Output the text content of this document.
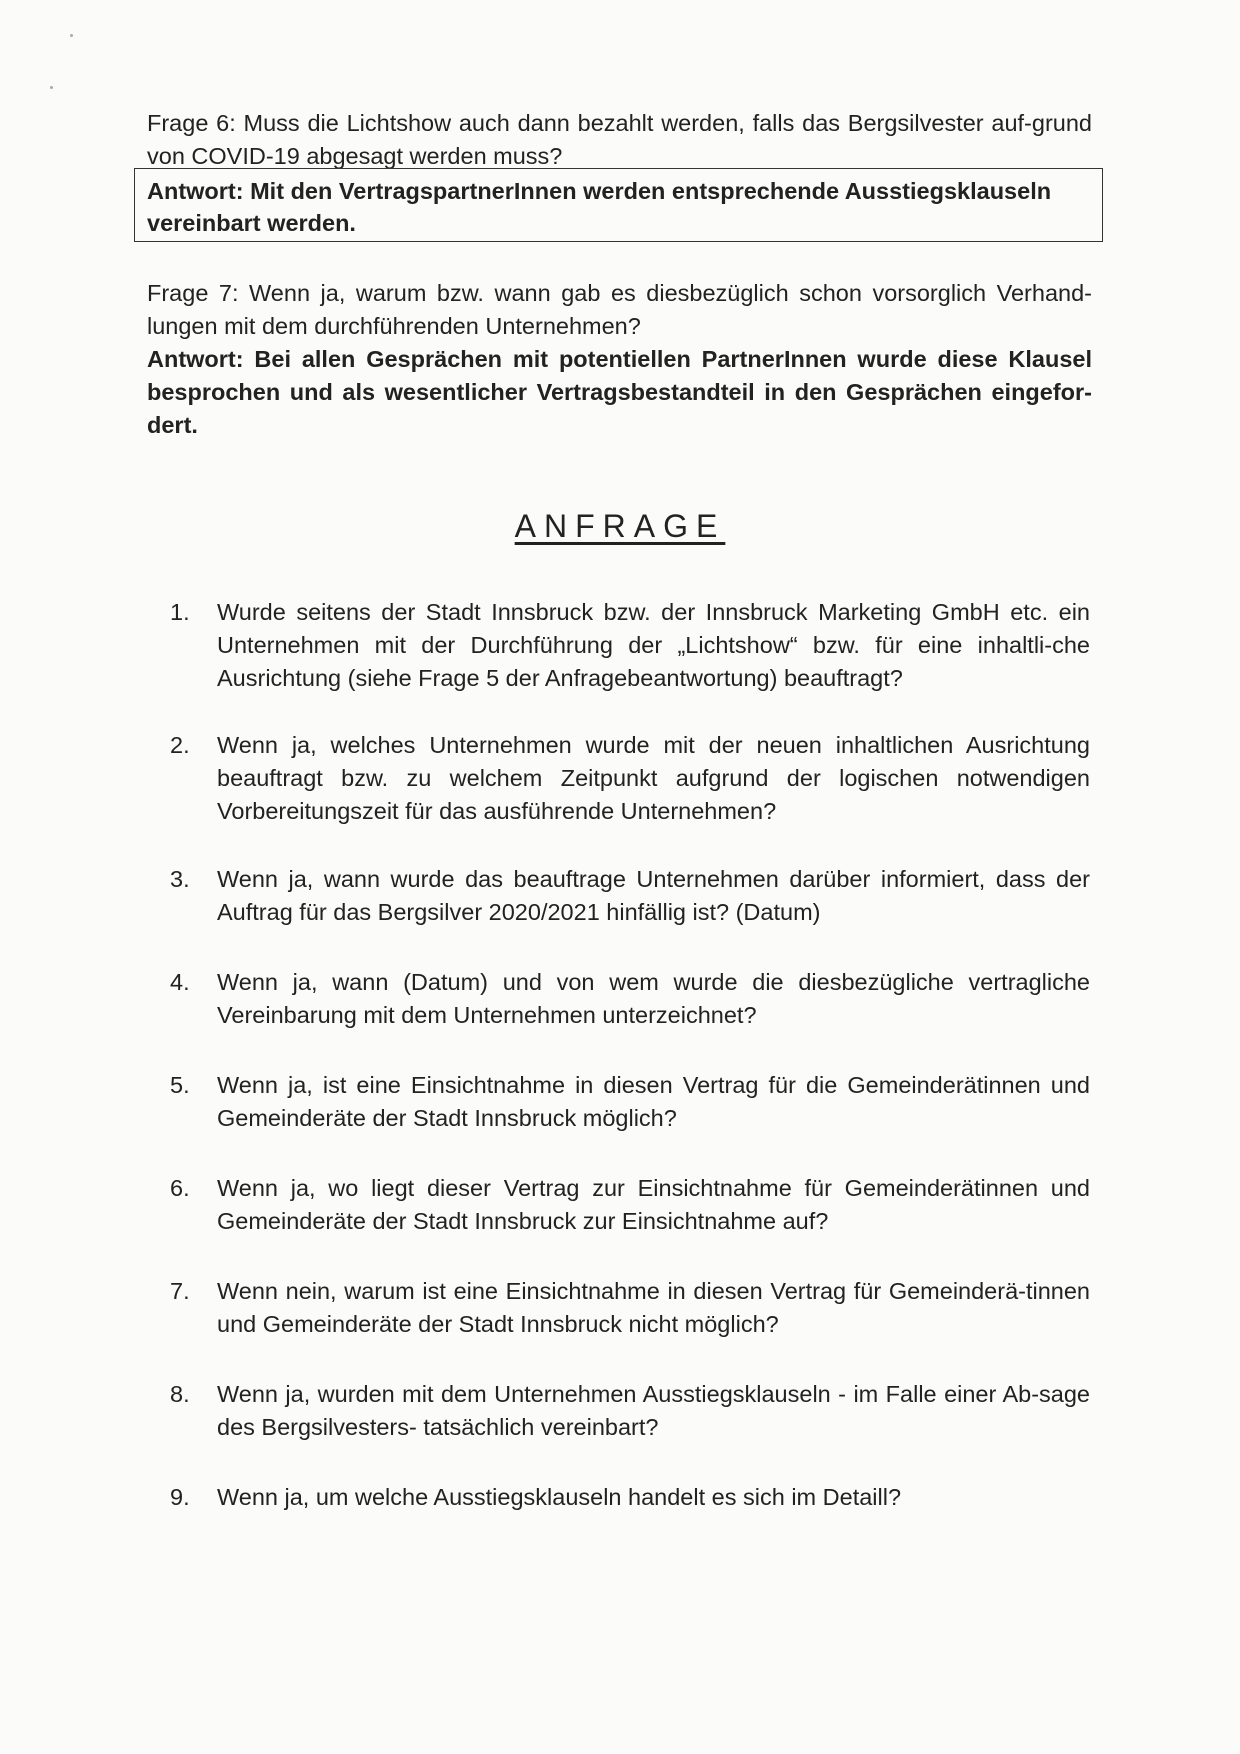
Frage 6: Muss die Lichtshow auch dann bezahlt werden, falls das Bergsilvester auf-grund von COVID-19 abgesagt werden muss?

Antwort: Mit den VertragspartnerInnen werden entsprechende Ausstiegsklauseln vereinbart werden.

Frage 7: Wenn ja, warum bzw. wann gab es diesbezüglich schon vorsorglich Verhand-lungen mit dem durchführenden Unternehmen?

Antwort: Bei allen Gesprächen mit potentiellen PartnerInnen wurde diese Klausel besprochen und als wesentlicher Vertragsbestandteil in den Gesprächen eingefor-dert.

ANFRAGE
1.	Wurde seitens der Stadt Innsbruck bzw. der Innsbruck Marketing GmbH etc. ein Unternehmen mit der Durchführung der „Lichtshow“ bzw. für eine inhaltli-che Ausrichtung (siehe Frage 5 der Anfragebeantwortung) beauftragt?
2.	Wenn ja, welches Unternehmen wurde mit der neuen inhaltlichen Ausrichtung beauftragt bzw. zu welchem Zeitpunkt aufgrund der logischen notwendigen Vorbereitungszeit für das ausführende Unternehmen?
3.	Wenn ja, wann wurde das beauftrage Unternehmen darüber informiert, dass der Auftrag für das Bergsilver 2020/2021 hinfällig ist? (Datum)
4.	Wenn ja, wann (Datum) und von wem wurde die diesbezügliche vertragliche Vereinbarung mit dem Unternehmen unterzeichnet?
5.	Wenn ja, ist eine Einsichtnahme in diesen Vertrag für die Gemeinderätinnen und Gemeinderäte der Stadt Innsbruck möglich?
6.	Wenn ja, wo liegt dieser Vertrag zur Einsichtnahme für Gemeinderätinnen und Gemeinderäte der Stadt Innsbruck zur Einsichtnahme auf?
7.	Wenn nein, warum ist eine Einsichtnahme in diesen Vertrag für Gemeinderä-tinnen und Gemeinderäte der Stadt Innsbruck nicht möglich?
8.	Wenn ja, wurden mit dem Unternehmen Ausstiegsklauseln - im Falle einer Ab-sage des Bergsilvesters- tatsächlich vereinbart?
9.	Wenn ja, um welche Ausstiegsklauseln handelt es sich im Detaill?
